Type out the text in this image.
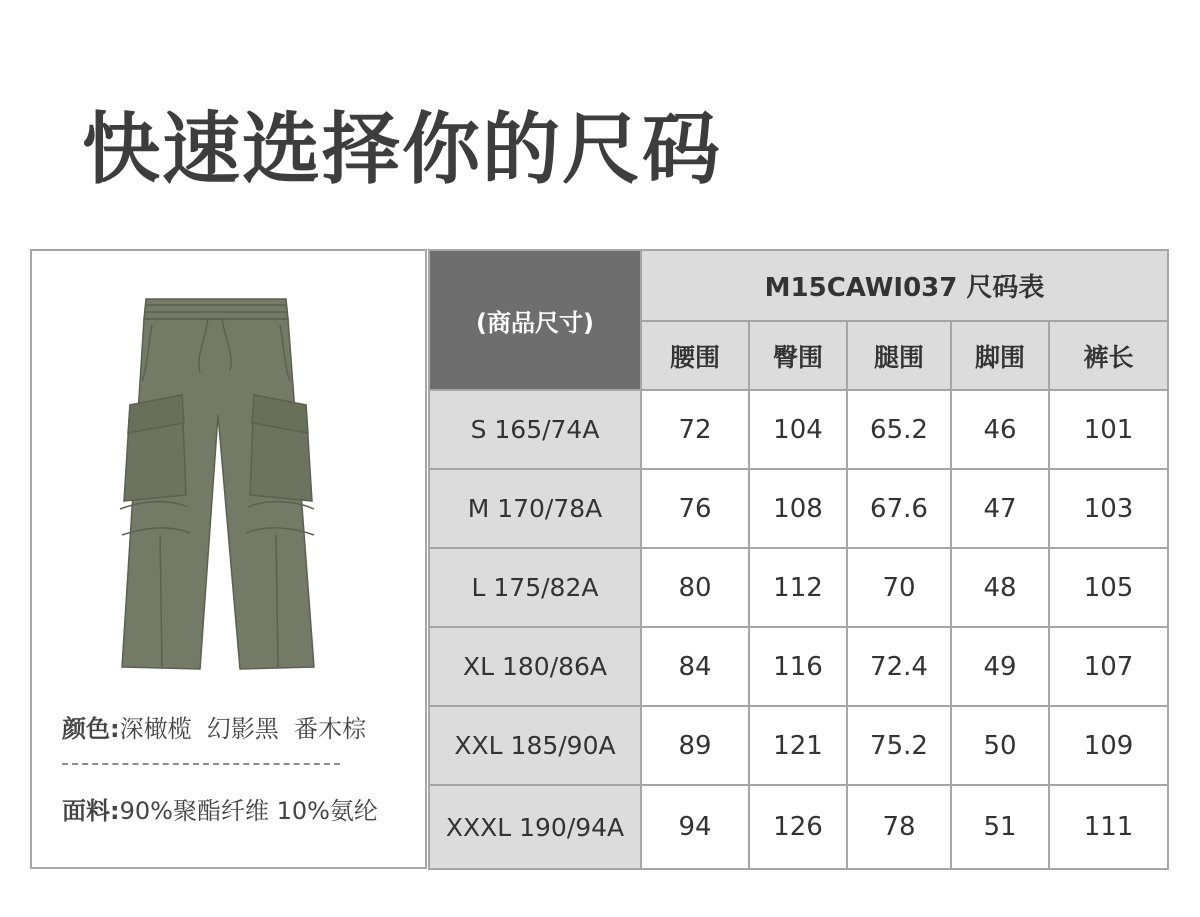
快速选择你的尺码
颜色:深橄榄  幻影黑  番木棕
面料:90%聚酯纤维 10%氨纶
(商品尺寸)	M15CAWI037 尺码表				
	腰围	臀围	腿围	脚围	裤长
S 165/74A	72	104	65.2	46	101
M 170/78A	76	108	67.6	47	103
L 175/82A	80	112	70	48	105
XL 180/86A	84	116	72.4	49	107
XXL 185/90A	89	121	75.2	50	109
XXXL 190/94A	94	126	78	51	111
